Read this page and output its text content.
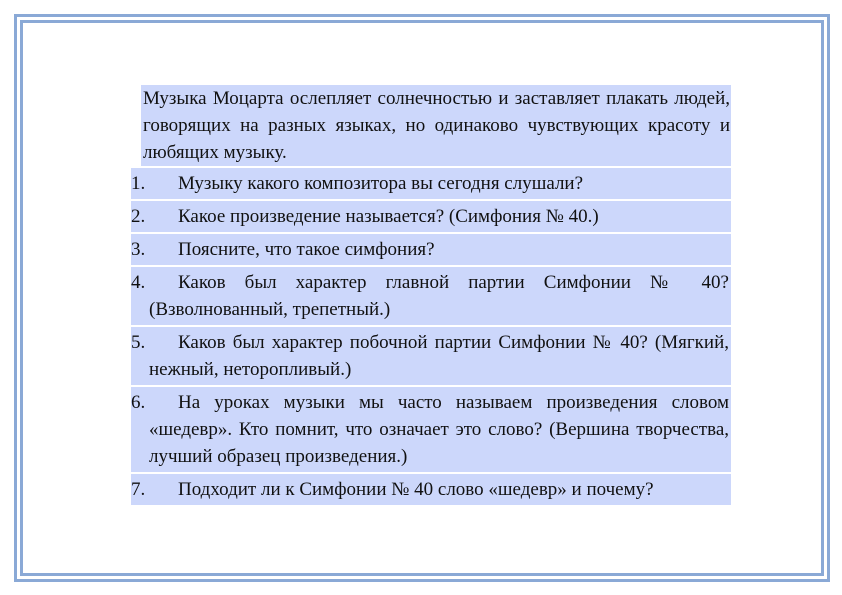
Музыка Моцарта ослепляет солнечностью и заставляет плакать людей, говорящих на разных языках, но одинаково чувствующих красоту и любящих музыку.
1.	Музыку какого композитора вы сегодня слушали?
2.	Какое произведение называется? (Симфония № 40.)
3.	Поясните, что такое симфония?
4.	Каков был характер главной партии Симфонии № 40? (Взволнованный, трепетный.)
5.	Каков был характер побочной партии Симфонии № 40? (Мягкий, нежный, неторопливый.)
6.	На уроках музыки мы часто называем произведения словом «шедевр». Кто помнит, что означает это слово? (Вершина творчества, лучший образец произведения.)
7.	Подходит ли к Симфонии № 40 слово «шедевр» и почему?
